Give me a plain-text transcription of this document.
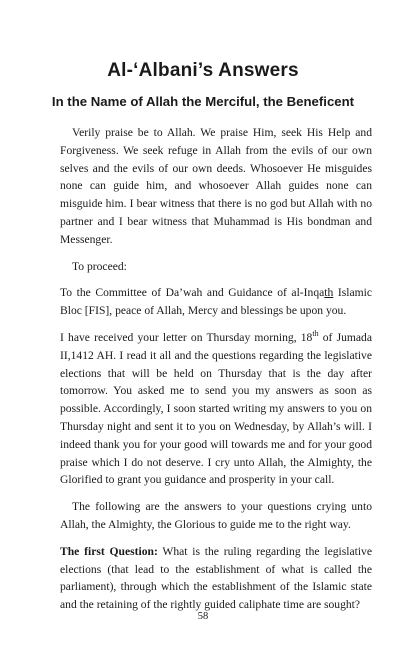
Al-‘Albani’s Answers
In the Name of Allah the Merciful, the Beneficent

Verily praise be to Allah. We praise Him, seek His Help and Forgiveness. We seek refuge in Allah from the evils of our own selves and the evils of our own deeds. Whosoever He misguides none can guide him, and whosoever Allah guides none can misguide him. I bear witness that there is no god but Allah with no partner and I bear witness that Muhammad is His bondman and Messenger.

To proceed:

To the Committee of Da’wah and Guidance of al-Inqath Islamic Bloc [FIS], peace of Allah, Mercy and blessings be upon you.

I have received your letter on Thursday morning, 18th of Jumada II,1412 AH. I read it all and the questions regarding the legislative elections that will be held on Thursday that is the day after tomorrow. You asked me to send you my answers as soon as possible. Accordingly, I soon started writing my answers to you on Thursday night and sent it to you on Wednesday, by Allah’s will. I indeed thank you for your good will towards me and for your good praise which I do not deserve. I cry unto Allah, the Almighty, the Glorified to grant you guidance and prosperity in your call.

The following are the answers to your questions crying unto Allah, the Almighty, the Glorious to guide me to the right way.

The first Question: What is the ruling regarding the legislative elections (that lead to the establishment of what is called the parliament), through which the establishment of the Islamic state and the retaining of the rightly guided caliphate time are sought?

58
